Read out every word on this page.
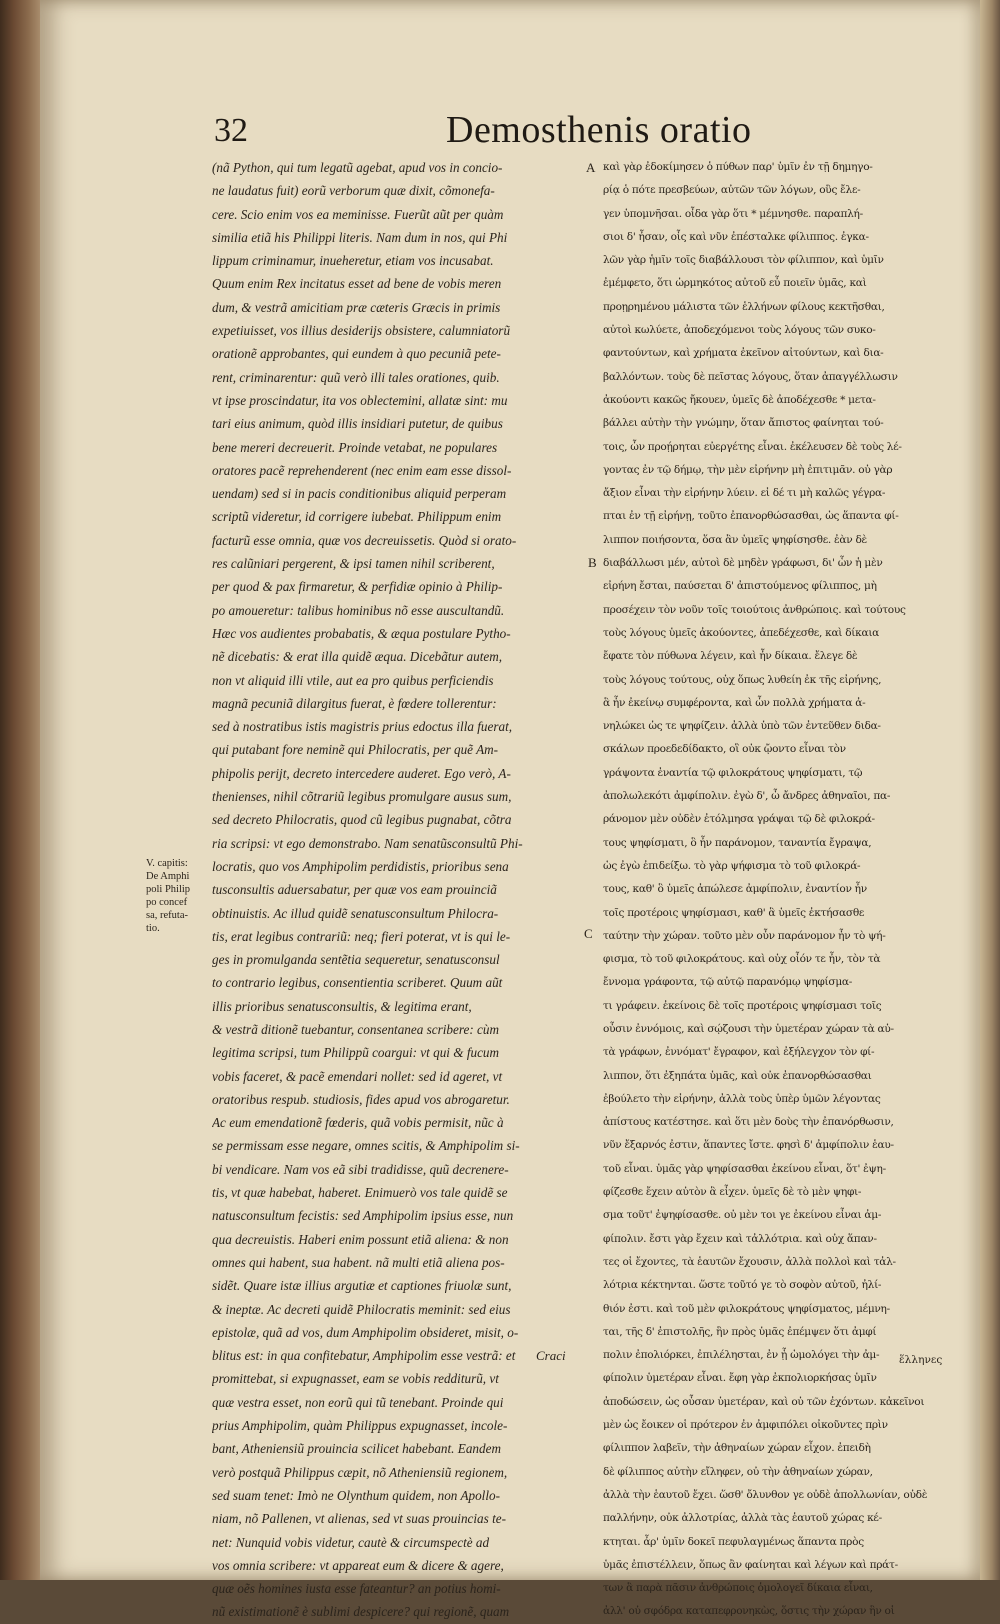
32	Demosthenis oratio
(nã Python, qui tum legatũ agebat, apud vos in concio-
ne laudatus fuit) eorũ verborum quæ dixit, cõmonefa-
cere. Scio enim vos ea meminisse. Fuerũt aũt per quàm
similia etiã his Philippi literis. Nam dum in nos, qui Phi
lippum criminamur, inueheretur, etiam vos incusabat.
Quum enim Rex incitatus esset ad bene de vobis meren
dum, & vestrã amicitiam præ cæteris Græcis in primis
expetiuisset, vos illius desiderijs obsistere, calumniatorũ
orationẽ approbantes, qui eundem à quo pecuniã pete-
rent, criminarentur: quũ verò illi tales orationes, quib.
vt ipse proscindatur, ita vos oblectemini, allatæ sint: mu
tari eius animum, quòd illis insidiari putetur, de quibus
bene mereri decreuerit. Proinde vetabat, ne populares
oratores pacẽ reprehenderent (nec enim eam esse dissol-
uendam) sed si in pacis conditionibus aliquid perperam
scriptũ videretur, id corrigere iubebat. Philippum enim
facturũ esse omnia, quæ vos decreuissetis. Quòd si orato-
res calũniari pergerent, & ipsi tamen nihil scriberent,
per quod & pax firmaretur, & perfidiæ opinio à Philip-
po amoueretur: talibus hominibus nõ esse auscultandũ.
Hæc vos audientes probabatis, & æqua postulare Pytho-
nẽ dicebatis: & erat illa quidẽ æqua. Dicebãtur autem,
non vt aliquid illi vtile, aut ea pro quibus perficiendis
magnã pecuniã dilargitus fuerat, è fœdere tollerentur:
sed à nostratibus istis magistris prius edoctus illa fuerat,
qui putabant fore neminẽ qui Philocratis, per quẽ Am-
phipolis perijt, decreto intercedere auderet. Ego verò, A-
thenienses, nihil cõtrariũ legibus promulgare ausus sum,
sed decreto Philocratis, quod cũ legibus pugnabat, cõtra
ria scripsi: vt ego demonstrabo. Nam senatũsconsultũ Phi-
locratis, quo vos Amphipolim perdidistis, prioribus sena
tusconsultis aduersabatur, per quæ vos eam prouinciã
obtinuistis. Ac illud quidẽ senatusconsultum Philocra-
tis, erat legibus contrariũ: neq; fieri poterat, vt is qui le-
ges in promulganda sentẽtia sequeretur, senatusconsul
to contrario legibus, consentientia scriberet. Quum aũt
illis prioribus senatusconsultis, & legitima erant,
& vestrã ditionẽ tuebantur, consentanea scribere: cùm
legitima scripsi, tum Philippũ coargui: vt qui & fucum
vobis faceret, & pacẽ emendari nollet: sed id ageret, vt
oratoribus respub. studiosis, fides apud vos abrogaretur.
Ac eum emendationẽ fœderis, quã vobis permisit, nũc à
se permissam esse negare, omnes scitis, & Amphipolim si-
bi vendicare. Nam vos eã sibi tradidisse, quũ decrenere-
tis, vt quæ habebat, haberet. Enimuerò vos tale quidẽ se
natusconsultum fecistis: sed Amphipolim ipsius esse, nun
qua decreuistis. Haberi enim possunt etiã aliena: & non
omnes qui habent, sua habent. nã multi etiã aliena pos-
sidẽt. Quare istæ illius argutiæ et captiones friuolæ sunt,
& ineptæ. Ac decreti quidẽ Philocratis meminit: sed eius
epistolæ, quã ad vos, dum Amphipolim obsideret, misit, o-
blitus est: in qua confitebatur, Amphipolim esse vestrã: et
promittebat, si expugnasset, eam se vobis redditurũ, vt
quæ vestra esset, non eorũ qui tũ tenebant. Proinde qui
prius Amphipolim, quàm Philippus expugnasset, incole-
bant, Atheniensiũ prouincia scilicet habebant. Eandem
verò postquã Philippus cæpit, nõ Atheniensiũ regionem,
sed suam tenet: Imò ne Olynthum quidem, non Apollo-
niam, nõ Pallenen, vt alienas, sed vt suas prouincias te-
net: Nunquid vobis videtur, cautè & circumspectè ad
vos omnia scribere: vt appareat eum & dicere & agere,
quæ oẽs homines iusta esse fateantur? an potius homi-
nũ existimationẽ è sublimi despicere? qui regionẽ, quam
καὶ γὰρ ἐδοκίμησεν ὁ πύθων παρ' ὑμῖν ἐν τῇ δημηγο-
ρίᾳ ὁ πότε πρεσβεύων, αὐτῶν τῶν λόγων, οὓς ἔλε-
γεν ὑπομνῆσαι. οἶδα γὰρ ὅτι * μέμνησθε. παραπλή-
σιοι δ' ἦσαν, οἷς καὶ νῦν ἐπέσταλκε φίλιππος. ἐγκα-
λῶν γὰρ ἡμῖν τοῖς διαβάλλουσι τὸν φίλιππον, καὶ ὑμῖν
ἐμέμφετο, ὅτι ὡρμηκότος αὐτοῦ εὖ ποιεῖν ὑμᾶς, καὶ
προῃρημένου μάλιστα τῶν ἑλλήνων φίλους κεκτῆσθαι,
αὐτοὶ κωλύετε, ἀποδεχόμενοι τοὺς λόγους τῶν συκο-
φαντούντων, καὶ χρήματα ἐκεῖνον αἰτούντων, καὶ δια-
βαλλόντων. τοὺς δὲ πεῖστας λόγους, ὅταν ἀπαγγέλλωσιν
ἀκούοντι κακῶς ἤκουεν, ὑμεῖς δὲ ἀποδέχεσθε * μετα-
βάλλει αὐτὴν τὴν γνώμην, ὅταν ἄπιστος φαίνηται τού-
τοις, ὧν προῄρηται εὐεργέτης εἶναι. ἐκέλευσεν δὲ τοὺς λέ-
γοντας ἐν τῷ δήμῳ, τὴν μὲν εἰρήνην μὴ ἐπιτιμᾶν. οὐ γὰρ
ἄξιον εἶναι τὴν εἰρήνην λύειν. εἰ δέ τι μὴ καλῶς γέγρα-
πται ἐν τῇ εἰρήνῃ, τοῦτο ἐπανορθώσασθαι, ὡς ἅπαντα φί-
λιππον ποιήσοντα, ὅσα ἂν ὑμεῖς ψηφίσησθε. ἐὰν δὲ
διαβάλλωσι μέν, αὐτοὶ δὲ μηδὲν γράφωσι, δι' ὧν ἡ μὲν
εἰρήνη ἔσται, παύσεται δ' ἀπιστούμενος φίλιππος, μὴ
προσέχειν τὸν νοῦν τοῖς τοιούτοις ἀνθρώποις. καὶ τούτους
τοὺς λόγους ὑμεῖς ἀκούοντες, ἀπεδέχεσθε, καὶ δίκαια
ἔφατε τὸν πύθωνα λέγειν, καὶ ἦν δίκαια. ἔλεγε δὲ
τοὺς λόγους τούτους, οὐχ ὅπως λυθείη ἐκ τῆς εἰρήνης,
ἃ ἦν ἐκείνῳ συμφέροντα, καὶ ὧν πολλὰ χρήματα ἀ-
νηλώκει ὡς τε ψηφίζειν. ἀλλὰ ὑπὸ τῶν ἐντεῦθεν διδα-
σκάλων προεδεδίδακτο, οἳ οὐκ ᾤοντο εἶναι τὸν
γράψοντα ἐναντία τῷ φιλοκράτους ψηφίσματι, τῷ
ἀπολωλεκότι ἀμφίπολιν. ἐγὼ δ', ὦ ἄνδρες ἀθηναῖοι, πα-
ράνομον μὲν οὐδὲν ἐτόλμησα γράψαι τῷ δὲ φιλοκρά-
τους ψηφίσματι, ὃ ἦν παράνομον, ταναντία ἔγραψα,
ὡς ἐγὼ ἐπιδείξω. τὸ γὰρ ψήφισμα τὸ τοῦ φιλοκρά-
τους, καθ' ὃ ὑμεῖς ἀπώλεσε ἀμφίπολιν, ἐναντίον ἦν
τοῖς προτέροις ψηφίσμασι, καθ' ἃ ὑμεῖς ἐκτήσασθε
ταύτην τὴν χώραν. τοῦτο μὲν οὖν παράνομον ἦν τὸ ψή-
φισμα, τὸ τοῦ φιλοκράτους. καὶ οὐχ οἷόν τε ἦν, τὸν τὰ
ἔννομα γράφοντα, τῷ αὐτῷ παρανόμῳ ψηφίσμα-
τι γράφειν. ἐκείνοις δὲ τοῖς προτέροις ψηφίσμασι τοῖς
οὖσιν ἐννόμοις, καὶ σῴζουσι τὴν ὑμετέραν χώραν τὰ αὐ-
τὰ γράφων, ἐννόματ' ἔγραφον, καὶ ἐξήλεγχον τὸν φί-
λιππον, ὅτι ἐξηπάτα ὑμᾶς, καὶ οὐκ ἐπανορθώσασθαι
ἐβούλετο τὴν εἰρήνην, ἀλλὰ τοὺς ὑπὲρ ὑμῶν λέγοντας
ἀπίστους κατέστησε. καὶ ὅτι μὲν δοὺς τὴν ἐπανόρθωσιν,
νῦν ἔξαρνός ἐστιν, ἅπαντες ἴστε. φησὶ δ' ἀμφίπολιν ἑαυ-
τοῦ εἶναι. ὑμᾶς γὰρ ψηφίσασθαι ἐκείνου εἶναι, ὅτ' ἐψη-
φίζεσθε ἔχειν αὐτὸν ἃ εἶχεν. ὑμεῖς δὲ τὸ μὲν ψηφι-
σμα τοῦτ' ἐψηφίσασθε. οὐ μὲν τοι γε ἐκείνου εἶναι ἀμ-
φίπολιν. ἔστι γὰρ ἔχειν καὶ τἀλλότρια. καὶ οὐχ ἅπαν-
τες οἱ ἔχοντες, τὰ ἑαυτῶν ἔχουσιν, ἀλλὰ πολλοὶ καὶ τἀλ-
λότρια κέκτηνται. ὥστε τοῦτό γε τὸ σοφὸν αὐτοῦ, ἠλί-
θιόν ἐστι. καὶ τοῦ μὲν φιλοκράτους ψηφίσματος, μέμνη-
ται, τῆς δ' ἐπιστολῆς, ἣν πρὸς ὑμᾶς ἐπέμψεν ὅτι ἀμφί
πολιν ἐπολιόρκει, ἐπιλέλησται, ἐν ᾗ ὡμολόγει τὴν ἀμ-
φίπολιν ὑμετέραν εἶναι. ἔφη γὰρ ἐκπολιορκήσας ὑμῖν
ἀποδώσειν, ὡς οὖσαν ὑμετέραν, καὶ οὐ τῶν ἐχόντων. κἀκεῖνοι
μὲν ὡς ἔοικεν οἱ πρότερον ἐν ἀμφιπόλει οἰκοῦντες πρὶν
φίλιππον λαβεῖν, τὴν ἀθηναίων χώραν εἶχον. ἐπειδὴ
δὲ φίλιππος αὐτὴν εἴληφεν, οὐ τὴν ἀθηναίων χώραν,
ἀλλὰ τὴν ἑαυτοῦ ἔχει. ὥσθ' ὄλυνθον γε οὐδὲ ἀπολλωνίαν, οὐδὲ
παλλήνην, οὐκ ἀλλοτρίας, ἀλλὰ τὰς ἑαυτοῦ χώρας κέ-
κτηται. ἆρ' ὑμῖν δοκεῖ πεφυλαγμένως ἅπαντα πρὸς
ὑμᾶς ἐπιστέλλειν, ὅπως ἂν φαίνηται καὶ λέγων καὶ πράτ-
των ἃ παρὰ πᾶσιν ἀνθρώποις ὁμολογεῖ δίκαια εἶναι,
ἀλλ' οὐ σφόδρα καταπεφρονηκὼς, ὅστις τὴν χώραν ἣν οἱ
A
B
C
V. capitis:
De Amphi
poli Philip
po concef
sa, refuta-
tio.
Craci	ἕλληνες
